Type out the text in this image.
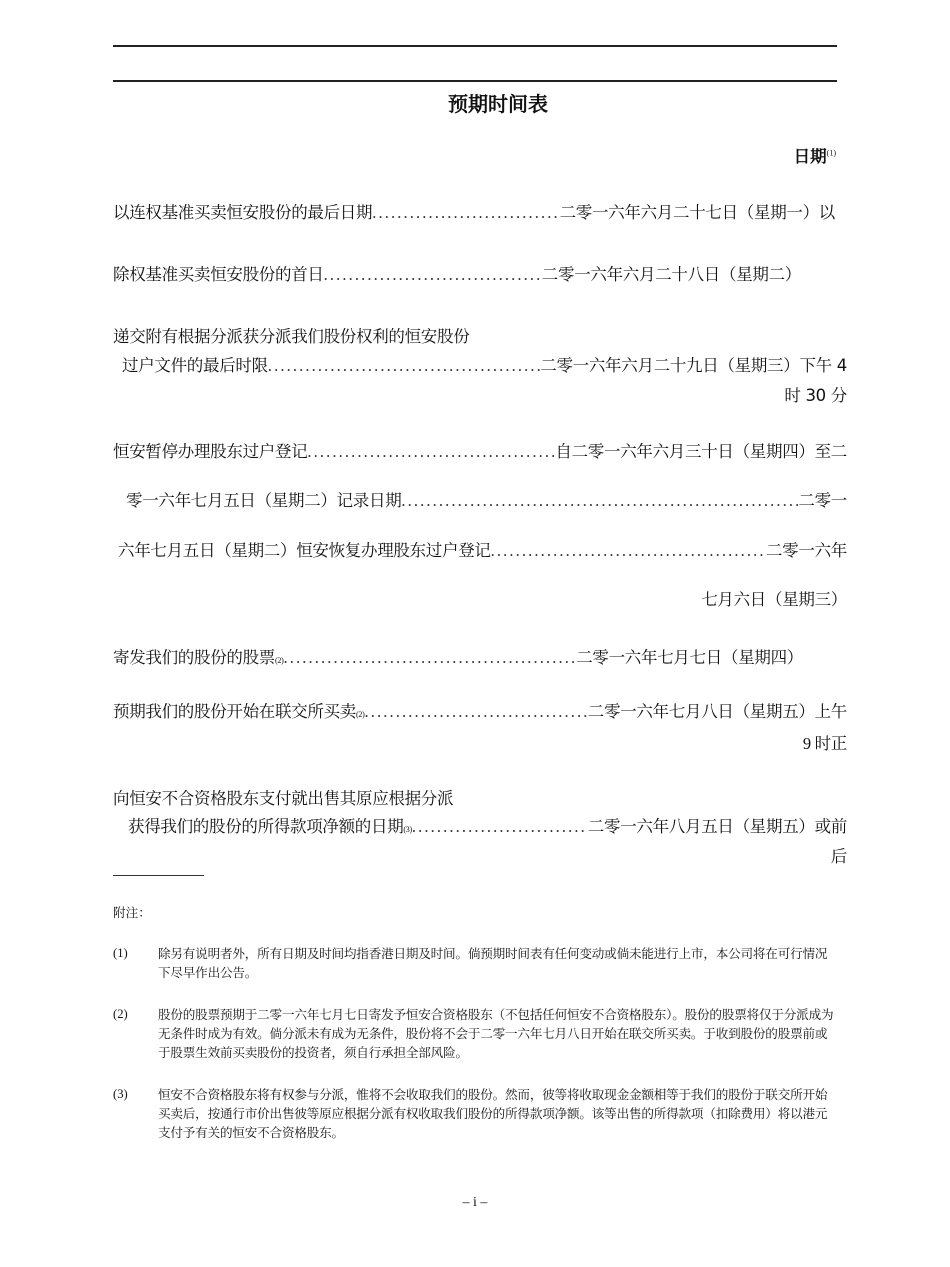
预期时间表
日期$^{(1)}$
以连权基准买卖恒安股份的最后日期 . . .	二零一六年六月二十七日（星期一）以
除权基准买卖恒安股份的首日 . . .	二零一六年六月二十八日（星期二）
递交附有根据分派获分派我们股份权利的恒安股份
过户文件的最后时限 . . .	二零一六年六月二十九日（星期三）下午 4
时 30 分
恒安暂停办理股东过户登记 . . .	自二零一六年六月三十日（星期四）至二
零一六年七月五日（星期二）记录日期 . . .	二零一
六年七月五日（星期二）恒安恢复办理股东过户登记 . . .	二零一六年
七月六日（星期三）
寄发我们的股份的股票 (2) . . .	二零一六年七月七日（星期四）
预期我们的股份开始在联交所买卖 (2) . . .	二零一六年七月八日（星期五）上午
9 时正
向恒安不合资格股东支付就出售其原应根据分派
获得我们的股份的所得款项净额的日期 (3) . . .	二零一六年八月五日（星期五）或前
后
附注：
(1) 除另有说明者外，所有日期及时间均指香港日期及时间。倘预期时间表有任何变动或倘未能进行上市，本公司将在可行情况下尽早作出公告。
(2) 股份的股票预期于二零一六年七月七日寄发予恒安合资格股东（不包括任何恒安不合资格股东）。股份的股票将仅于分派成为无条件时成为有效。倘分派未有成为无条件，股份将不会于二零一六年七月八日开始在联交所买卖。于收到股份的股票前或于股票生效前买卖股份的投资者，须自行承担全部风险。
(3) 恒安不合资格股东将有权参与分派，惟将不会收取我们的股份。然而，彼等将收取现金金额相等于我们的股份于联交所开始买卖后，按通行市价出售彼等原应根据分派有权收取我们股份的所得款项净额。该等出售的所得款项（扣除费用）将以港元支付予有关的恒安不合资格股东。
– i –
